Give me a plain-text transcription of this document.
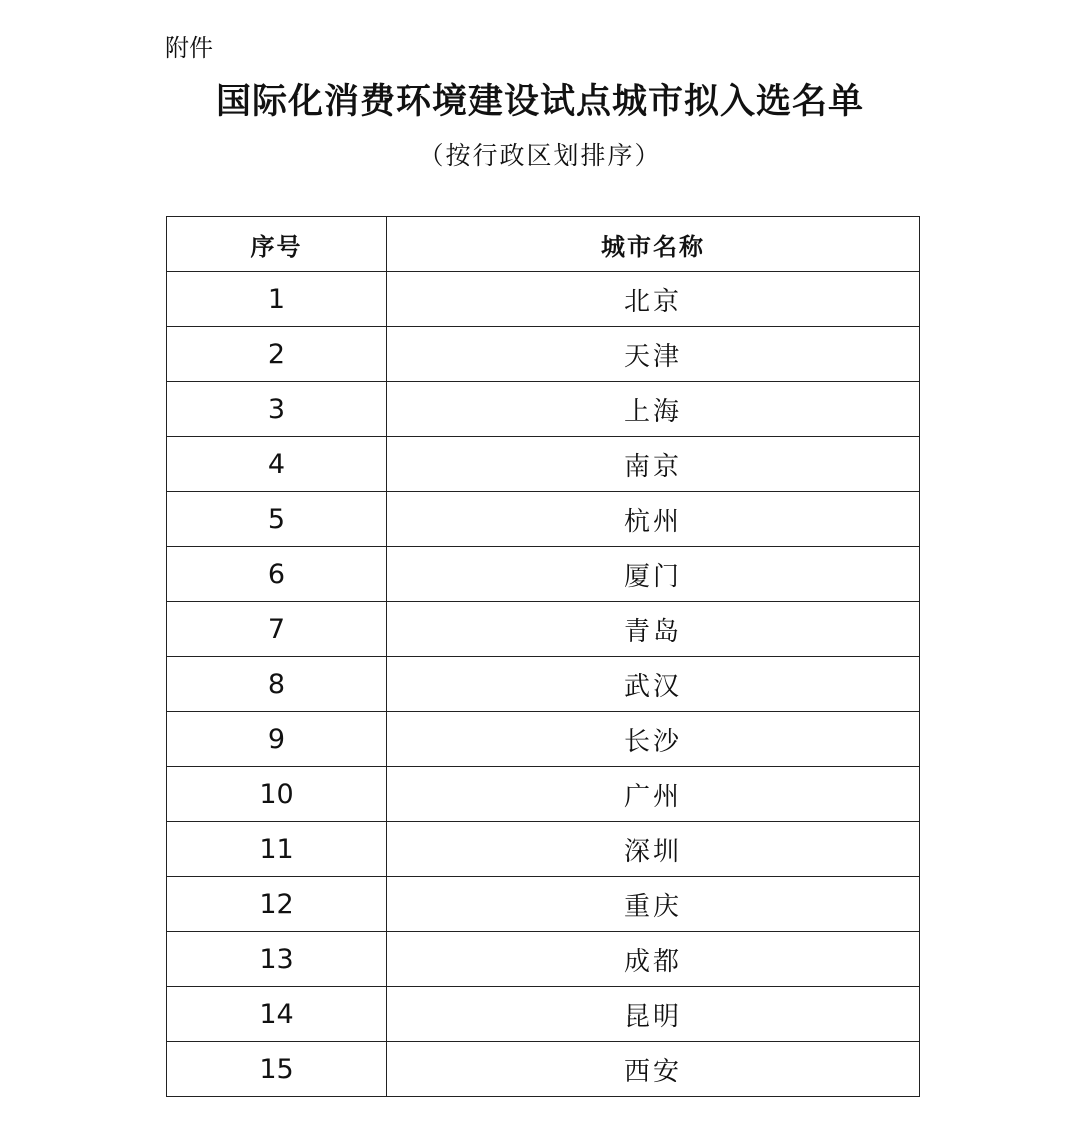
附件
国际化消费环境建设试点城市拟入选名单
（按行政区划排序）
序号	城市名称
1	北京
2	天津
3	上海
4	南京
5	杭州
6	厦门
7	青岛
8	武汉
9	长沙
10	广州
11	深圳
12	重庆
13	成都
14	昆明
15	西安
